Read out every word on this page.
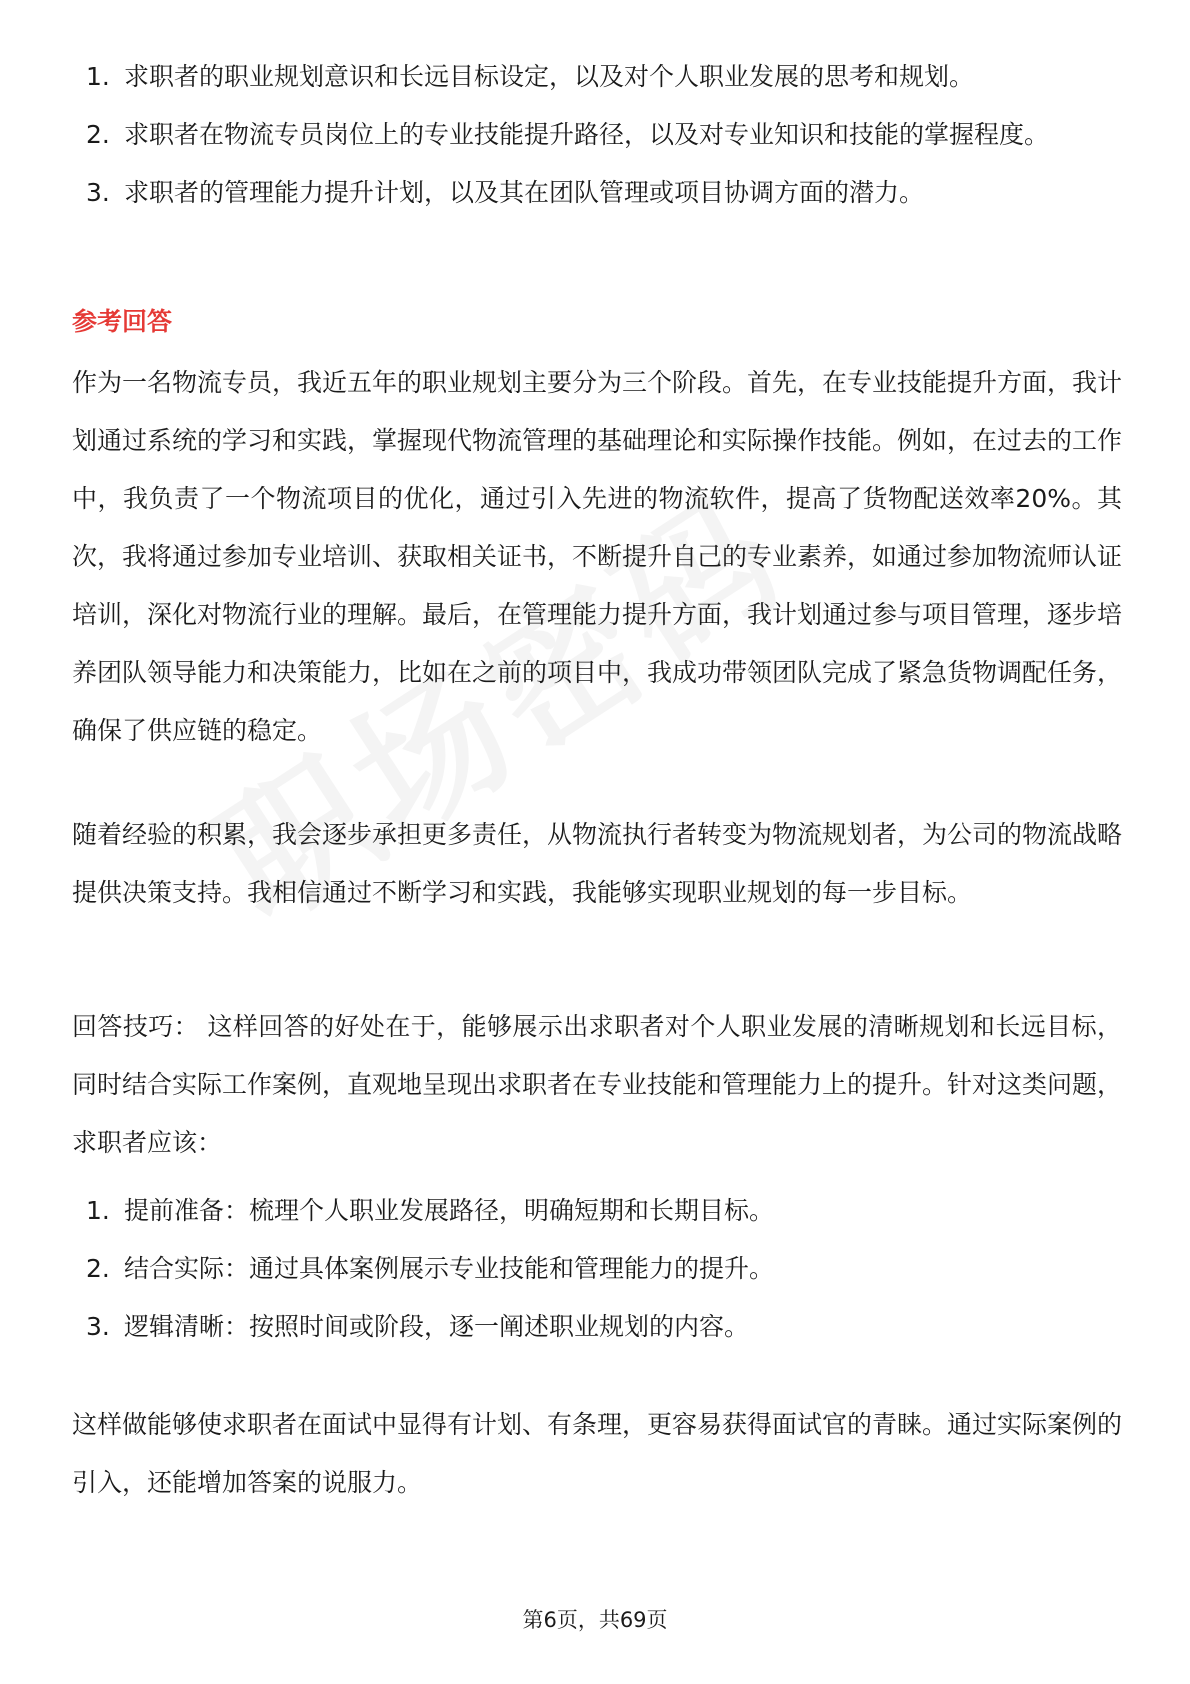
1. 求职者的职业规划意识和长远目标设定，以及对个人职业发展的思考和规划。
2. 求职者在物流专员岗位上的专业技能提升路径，以及对专业知识和技能的掌握程度。
3. 求职者的管理能力提升计划，以及其在团队管理或项目协调方面的潜力。
参考回答

作为一名物流专员，我近五年的职业规划主要分为三个阶段。首先，在专业技能提升方面，我计划通过系统的学习和实践，掌握现代物流管理的基础理论和实际操作技能。例如，在过去的工作中，我负责了一个物流项目的优化，通过引入先进的物流软件，提高了货物配送效率20%。其次，我将通过参加专业培训、获取相关证书，不断提升自己的专业素养，如通过参加物流师认证培训，深化对物流行业的理解。最后，在管理能力提升方面，我计划通过参与项目管理，逐步培养团队领导能力和决策能力，比如在之前的项目中，我成功带领团队完成了紧急货物调配任务，确保了供应链的稳定。

随着经验的积累，我会逐步承担更多责任，从物流执行者转变为物流规划者，为公司的物流战略提供决策支持。我相信通过不断学习和实践，我能够实现职业规划的每一步目标。

回答技巧： 这样回答的好处在于，能够展示出求职者对个人职业发展的清晰规划和长远目标，同时结合实际工作案例，直观地呈现出求职者在专业技能和管理能力上的提升。针对这类问题，求职者应该：

1. 提前准备：梳理个人职业发展路径，明确短期和长期目标。
2. 结合实际：通过具体案例展示专业技能和管理能力的提升。
3. 逻辑清晰：按照时间或阶段，逐一阐述职业规划的内容。

这样做能够使求职者在面试中显得有计划、有条理，更容易获得面试官的青睐。通过实际案例的引入，还能增加答案的说服力。

第6页，共69页
